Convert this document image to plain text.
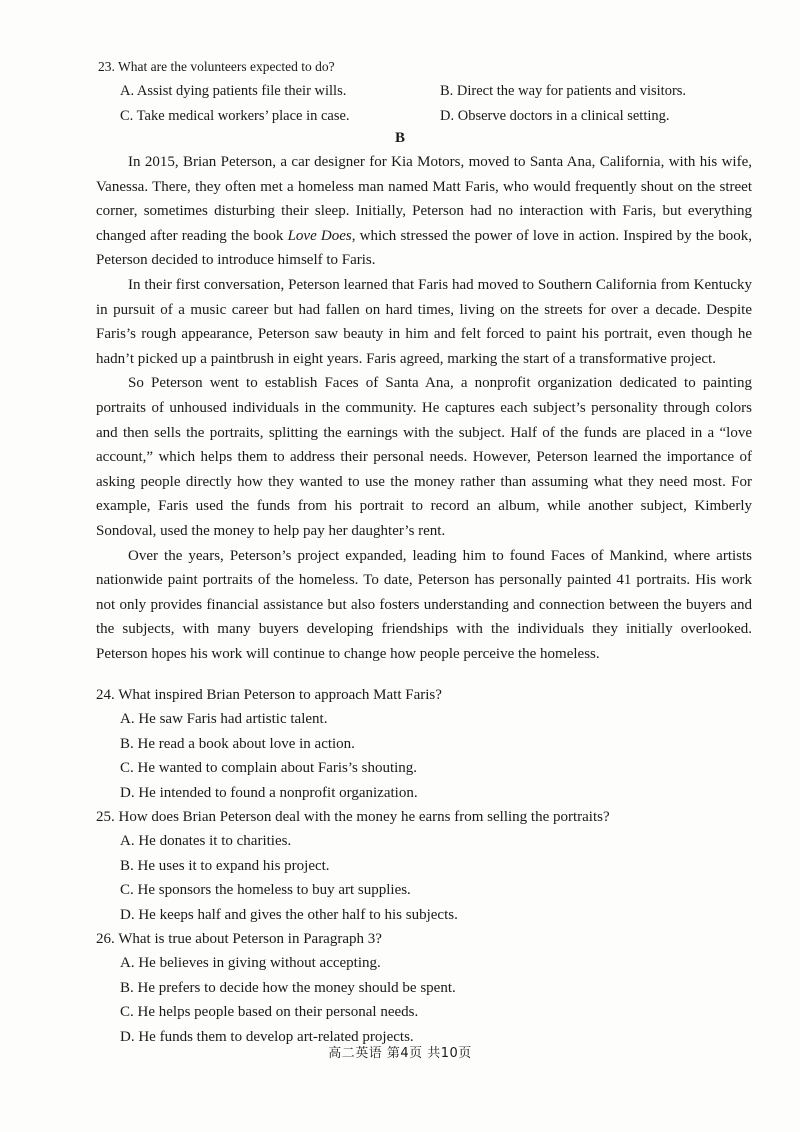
23. What are the volunteers expected to do?
A. Assist dying patients file their wills.	B. Direct the way for patients and visitors.
C. Take medical workers’ place in case.	D. Observe doctors in a clinical setting.
B

In 2015, Brian Peterson, a car designer for Kia Motors, moved to Santa Ana, California, with his wife, Vanessa. There, they often met a homeless man named Matt Faris, who would frequently shout on the street corner, sometimes disturbing their sleep. Initially, Peterson had no interaction with Faris, but everything changed after reading the book Love Does, which stressed the power of love in action. Inspired by the book, Peterson decided to introduce himself to Faris.

In their first conversation, Peterson learned that Faris had moved to Southern California from Kentucky in pursuit of a music career but had fallen on hard times, living on the streets for over a decade. Despite Faris’s rough appearance, Peterson saw beauty in him and felt forced to paint his portrait, even though he hadn’t picked up a paintbrush in eight years. Faris agreed, marking the start of a transformative project.

So Peterson went to establish Faces of Santa Ana, a nonprofit organization dedicated to painting portraits of unhoused individuals in the community. He captures each subject’s personality through colors and then sells the portraits, splitting the earnings with the subject. Half of the funds are placed in a “love account,” which helps them to address their personal needs. However, Peterson learned the importance of asking people directly how they wanted to use the money rather than assuming what they need most. For example, Faris used the funds from his portrait to record an album, while another subject, Kimberly Sondoval, used the money to help pay her daughter’s rent.

Over the years, Peterson’s project expanded, leading him to found Faces of Mankind, where artists nationwide paint portraits of the homeless. To date, Peterson has personally painted 41 portraits. His work not only provides financial assistance but also fosters understanding and connection between the buyers and the subjects, with many buyers developing friendships with the individuals they initially overlooked. Peterson hopes his work will continue to change how people perceive the homeless.

24. What inspired Brian Peterson to approach Matt Faris?
A. He saw Faris had artistic talent.
B. He read a book about love in action.
C. He wanted to complain about Faris’s shouting.
D. He intended to found a nonprofit organization.
25. How does Brian Peterson deal with the money he earns from selling the portraits?
A. He donates it to charities.
B. He uses it to expand his project.
C. He sponsors the homeless to buy art supplies.
D. He keeps half and gives the other half to his subjects.
26. What is true about Peterson in Paragraph 3?
A. He believes in giving without accepting.
B. He prefers to decide how the money should be spent.
C. He helps people based on their personal needs.
D. He funds them to develop art-related projects.
高二英语 第4页 共10页
